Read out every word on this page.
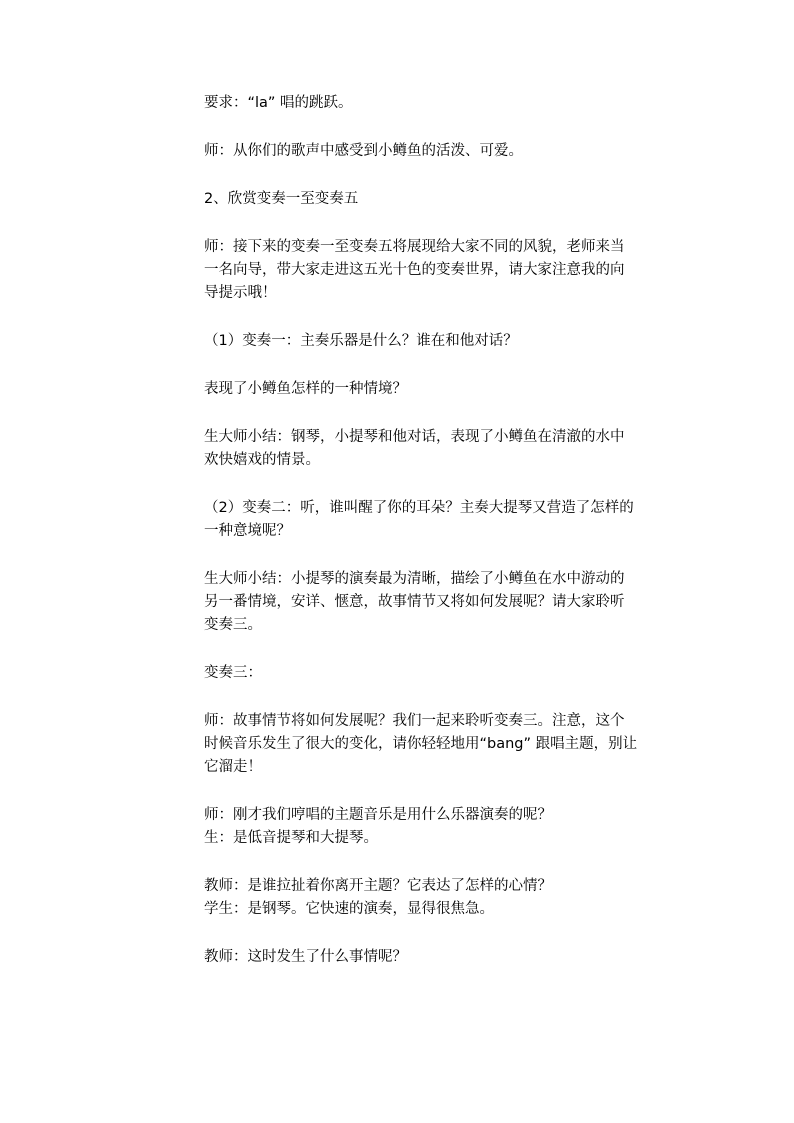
要求：“la” 唱的跳跃。

师：从你们的歌声中感受到小鳟鱼的活泼、可爱。

2、欣赏变奏一至变奏五

师：接下来的变奏一至变奏五将展现给大家不同的风貌，老师来当
一名向导，带大家走进这五光十色的变奏世界，请大家注意我的向
导提示哦！

（1）变奏一：主奏乐器是什么？谁在和他对话？

表现了小鳟鱼怎样的一种情境？

生大师小结：钢琴，小提琴和他对话，表现了小鳟鱼在清澈的水中
欢快嬉戏的情景。

（2）变奏二：听，谁叫醒了你的耳朵？主奏大提琴又营造了怎样的
一种意境呢？

生大师小结：小提琴的演奏最为清晰，描绘了小鳟鱼在水中游动的
另一番情境，安详、惬意，故事情节又将如何发展呢？请大家聆听
变奏三。

变奏三：

师：故事情节将如何发展呢？我们一起来聆听变奏三。注意，这个
时候音乐发生了很大的变化，请你轻轻地用“bang” 跟唱主题，别让
它溜走！

师：刚才我们哼唱的主题音乐是用什么乐器演奏的呢？
生：是低音提琴和大提琴。

教师：是谁拉扯着你离开主题？它表达了怎样的心情？
学生：是钢琴。它快速的演奏，显得很焦急。

教师：这时发生了什么事情呢？
